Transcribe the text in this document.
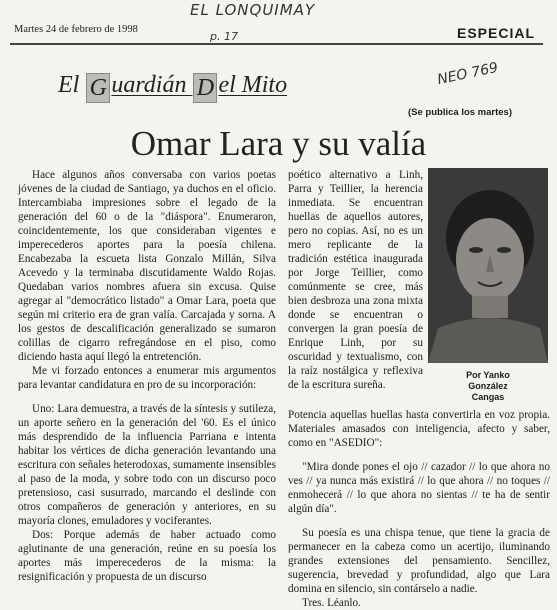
EL LONQUIMAY
p. 17
NEO 769
Martes 24 de febrero de 1998	ESPECIAL
El G uardián D el Mito
(Se publica los martes)
Omar Lara y su valía

Hace algunos años conversaba con varios poetas jóvenes de la ciudad de Santiago, ya duchos en el oficio. Intercambiaba impresiones sobre el legado de la generación del 60 o de la "diáspora". Enumeraron, coincidentemente, los que consideraban vigentes e imperecederos aportes para la poesía chilena. Encabezaba la escueta lista Gonzalo Millán, Silva Acevedo y la terminaba discutidamente Waldo Rojas. Quedaban varios nombres afuera sin excusa. Quise agregar al "democrático listado" a Omar Lara, poeta que según mi criterio era de gran valía. Carcajada y sorna. A los gestos de descalificación generalizado se sumaron colillas de cigarro refregándose en el piso, como diciendo hasta aquí llegó la entretención.

Me vi forzado entonces a enumerar mis argumentos para levantar candidatura en pro de su incorporación:

Uno: Lara demuestra, a través de la síntesis y sutileza, un aporte señero en la generación del '60. Es el único más desprendido de la influencia Parriana e intenta habitar los vértices de dicha generación levantando una escritura con señales heterodoxas, sumamente insensibles al paso de la moda, y sobre todo con un discurso poco pretensioso, casi susurrado, marcando el deslinde con otros compañeros de generación y anteriores, en su mayoría clones, emuladores y vociferantes.

Dos: Porque además de haber actuado como aglutinante de una generación, reúne en su poesía los aportes más imperecederos de la misma: la resignificación y propuesta de un discurso

poético alternativo a Linh, Parra y Teillier, la herencia inmediata. Se encuentran huellas de aquellos autores, pero no copias. Así, no es un mero replicante de la tradición estética inaugurada por Jorge Teillier, como comúnmente se cree, más bien desbroza una zona mixta donde se encuentran o convergen la gran poesía de Enrique Linh, por su oscuridad y textualismo, con la raíz nostálgica y reflexiva de la escritura sureña.

Por Yanko
González
Cangas

Potencia aquellas huellas hasta convertirla en voz propia. Materiales amasados con inteligencia, afecto y saber, como en "ASEDIO":

"Mira donde pones el ojo // cazador // lo que ahora no ves // ya nunca más existirá // lo que ahora // no toques // enmohecerá // lo que ahora no sientas // te ha de sentir algún día".

Su poesía es una chispa tenue, que tiene la gracia de permanecer en la cabeza como un acertijo, iluminando grandes extensiones del pensamiento. Sencillez, sugerencia, brevedad y profundidad, algo que Lara domina en silencio, sin contárselo a nadie.

Tres. Léanlo.
